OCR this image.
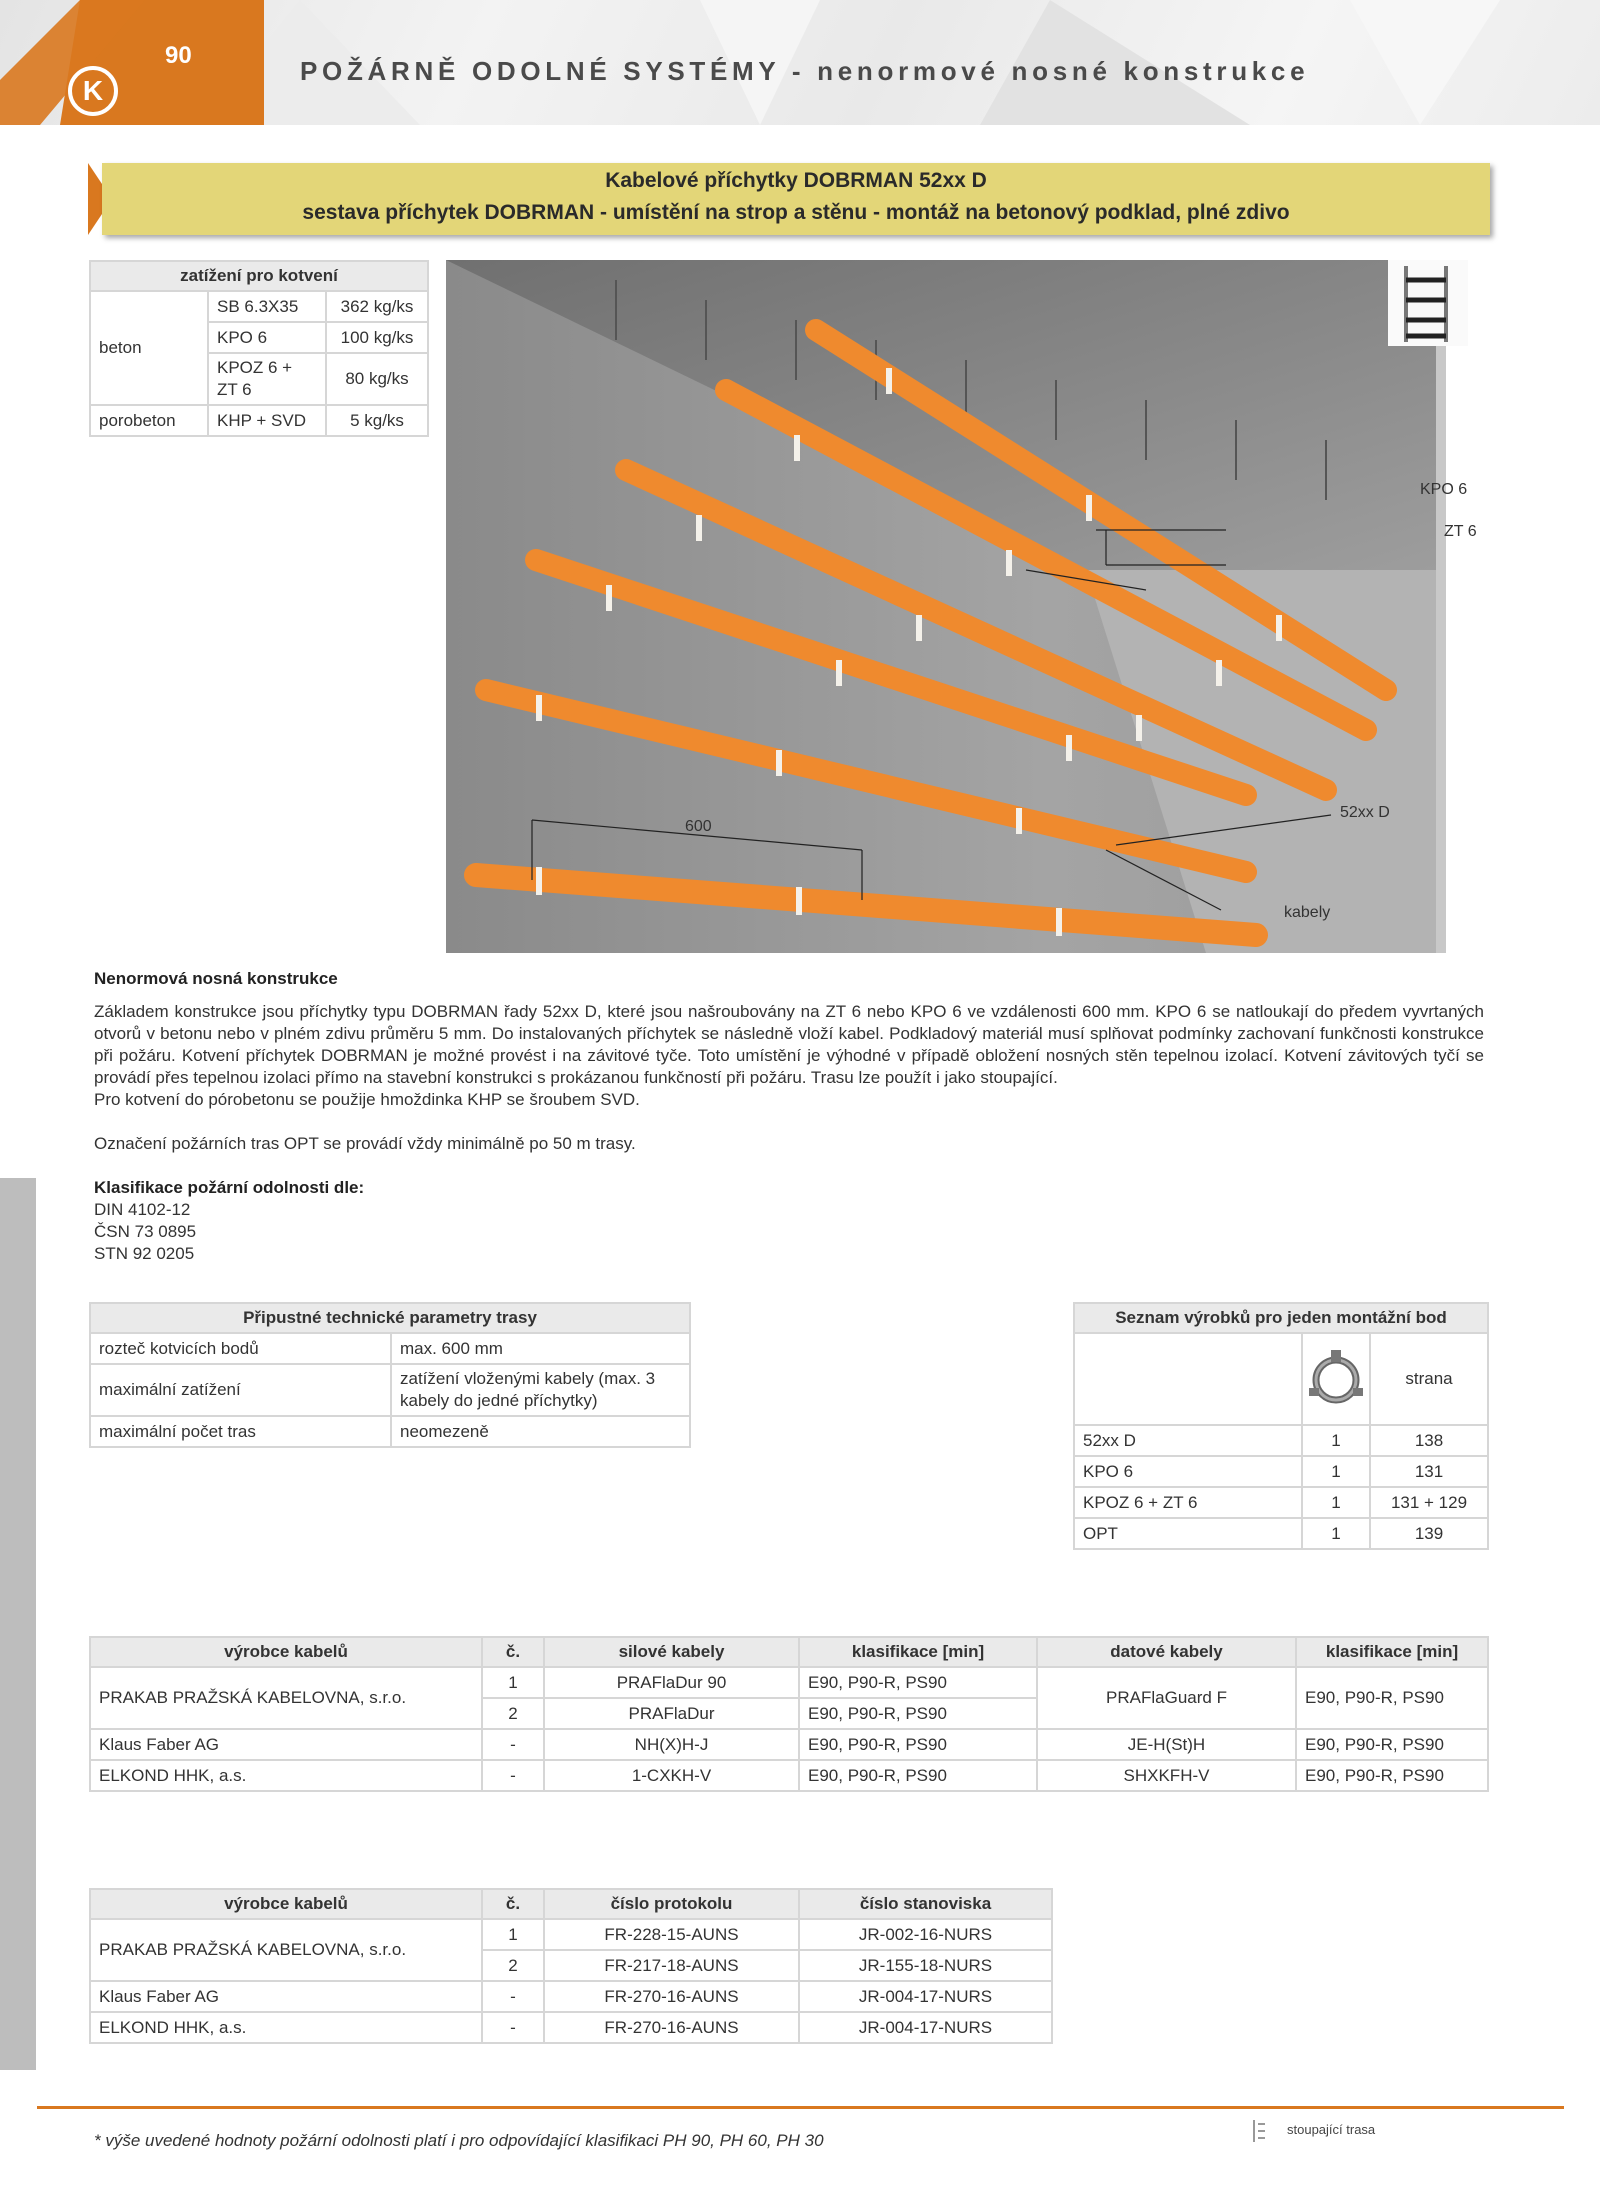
90
K
POŽÁRNĚ ODOLNÉ SYSTÉMY - nenormové nosné konstrukce
Kabelové příchytky DOBRMAN 52xx D
sestava příchytek DOBRMAN - umístění na strop a stěnu - montáž na betonový podklad, plné zdivo
zatížení pro kotvení		
beton	SB 6.3X35	362 kg/ks
	KPO 6	100 kg/ks
	KPOZ 6 + ZT 6	80 kg/ks
porobeton	KHP + SVD	5 kg/ks
600
KPO 6
ZT 6
52xx D
kabely

Nenormová nosná konstrukce

Základem konstrukce jsou příchytky typu DOBRMAN řady 52xx D, které jsou našroubovány na ZT 6 nebo KPO 6 ve vzdálenosti 600 mm. KPO 6 se natloukají do předem vyvrtaných otvorů v betonu nebo v plném zdivu průměru 5 mm. Do instalovaných příchytek se následně vloží kabel. Podkladový materiál musí splňovat podmínky zachovaní funkčnosti konstrukce při požáru. Kotvení příchytek DOBRMAN je možné provést i na závitové tyče. Toto umístění je výhodné v případě obložení nosných stěn tepelnou izolací. Kotvení závitových tyčí se provádí přes tepelnou izolaci přímo na stavební konstrukci s prokázanou funkčností při požáru. Trasu lze použít i jako stoupající.

Pro kotvení do pórobetonu se použije hmoždinka KHP se šroubem SVD.

Označení požárních tras OPT se provádí vždy minimálně po 50 m trasy.

Klasifikace požární odolnosti dle:

DIN 4102-12

ČSN 73 0895

STN 92 0205

Připustné technické parametry trasy	
rozteč kotvicích bodů	max. 600 mm
maximální zatížení	zatížení vloženými kabely (max. 3 kabely do jedné příchytky)
maximální počet tras	neomezeně
Seznam výrobků pro jeden montážní bod		
		strana
52xx D	1	138
KPO 6	1	131
KPOZ 6 + ZT 6	1	131 + 129
OPT	1	139
výrobce kabelů	č.	silové kabely	klasifikace [min]	datové kabely	klasifikace [min]
PRAKAB PRAŽSKÁ KABELOVNA, s.r.o.	1	PRAFlaDur 90	E90, P90-R, PS90	PRAFlaGuard F	E90, P90-R, PS90
	2	PRAFlaDur	E90, P90-R, PS90		
Klaus Faber AG	-	NH(X)H-J	E90, P90-R, PS90	JE-H(St)H	E90, P90-R, PS90
ELKOND HHK, a.s.	-	1-CXKH-V	E90, P90-R, PS90	SHXKFH-V	E90, P90-R, PS90
výrobce kabelů	č.	číslo protokolu	číslo stanoviska
PRAKAB PRAŽSKÁ KABELOVNA, s.r.o.	1	FR-228-15-AUNS	JR-002-16-NURS
	2	FR-217-18-AUNS	JR-155-18-NURS
Klaus Faber AG	-	FR-270-16-AUNS	JR-004-17-NURS
ELKOND HHK, a.s.	-	FR-270-16-AUNS	JR-004-17-NURS
* výše uvedené hodnoty požární odolnosti platí i pro odpovídající klasifikaci PH 90, PH 60, PH 30
stoupající trasa
